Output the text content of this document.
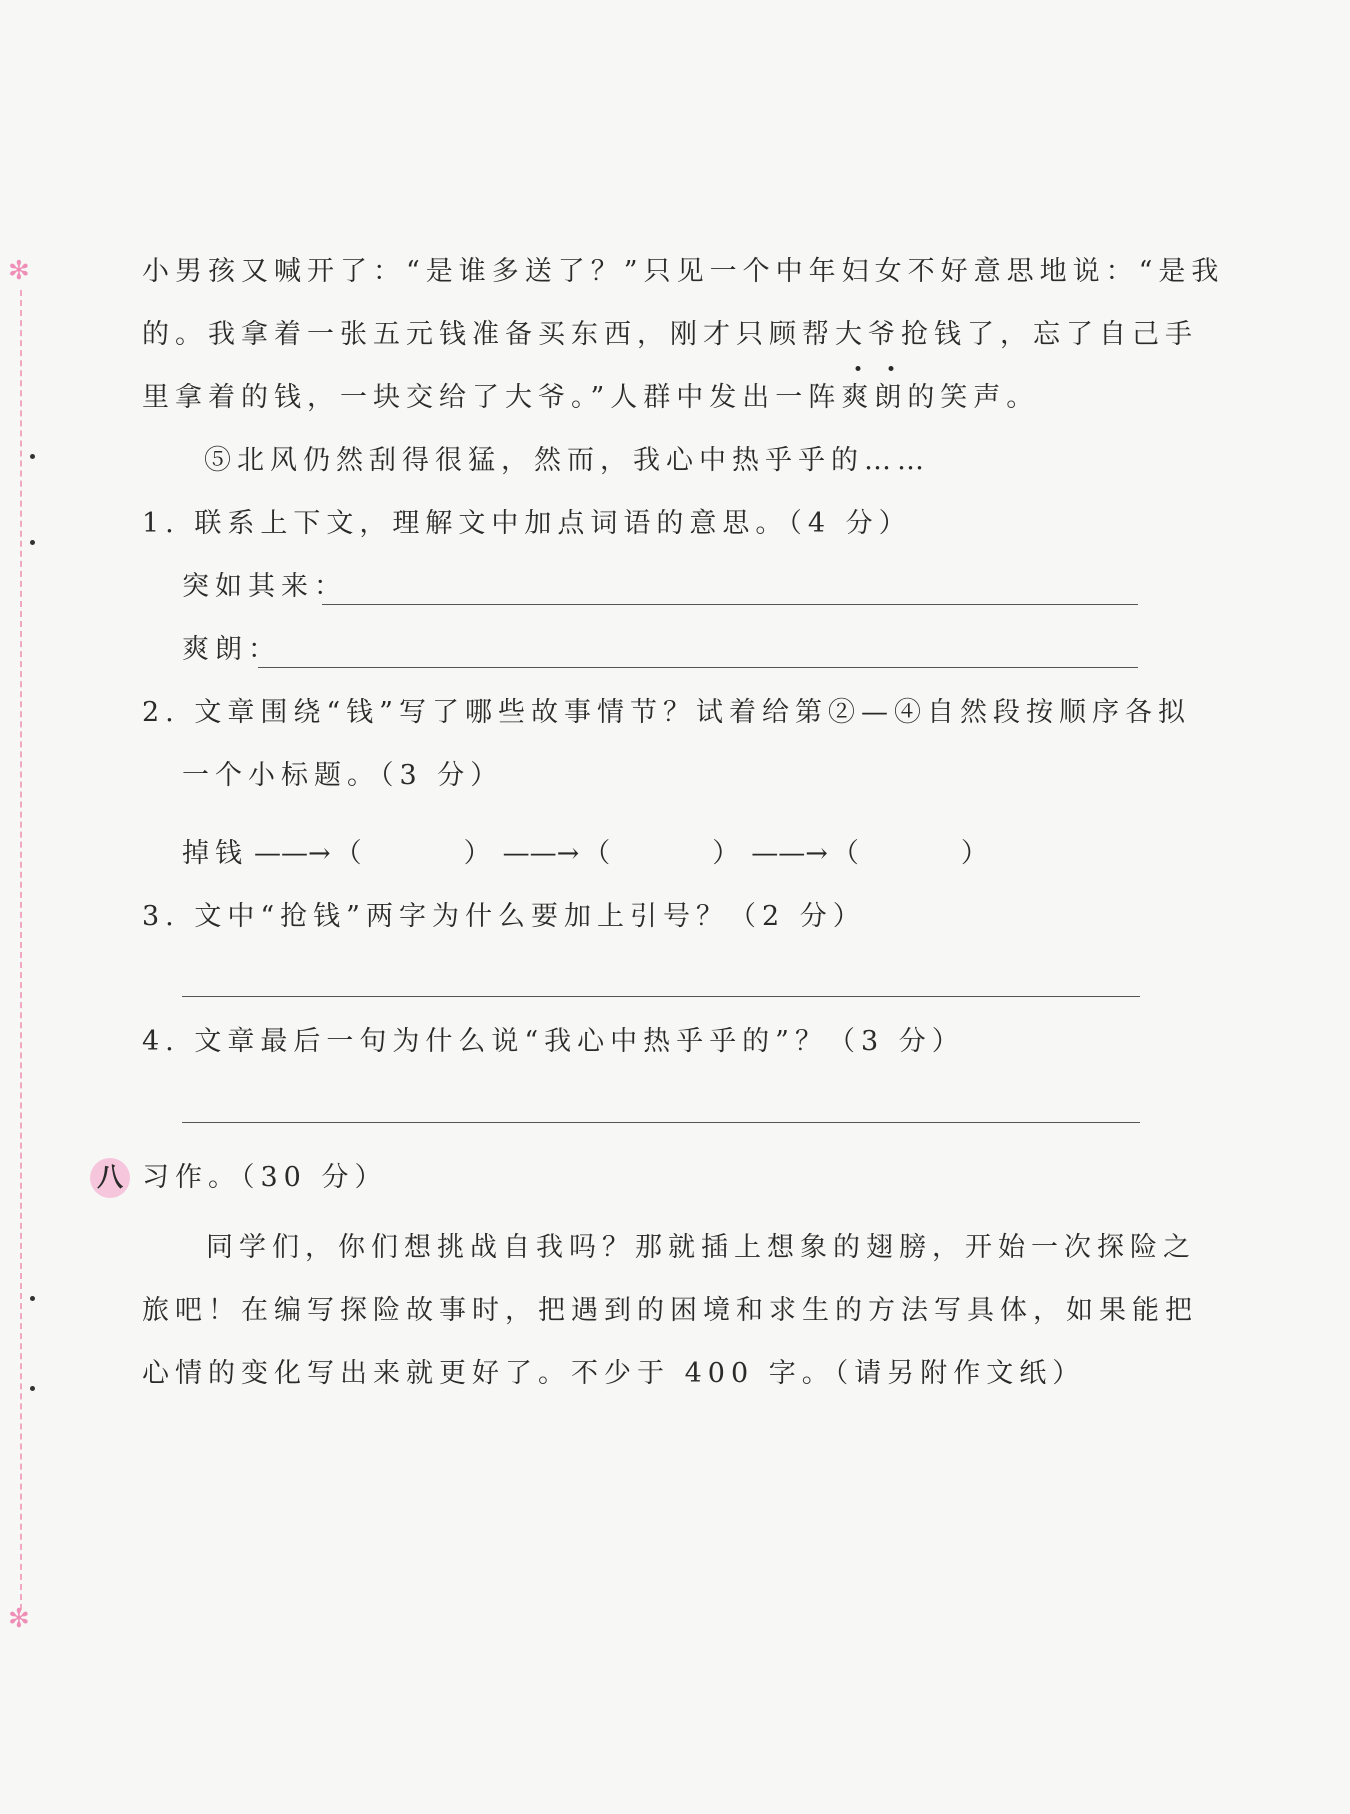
✻
✻
小男孩又喊开了：“是谁多送了？”只见一个中年妇女不好意思地说：“是我
的。我拿着一张五元钱准备买东西，刚才只顾帮大爷抢钱了，忘了自己手
里拿着的钱，一块交给了大爷。”人群中发出一阵爽朗的笑声。
⑤北风仍然刮得很猛，然而，我心中热乎乎的……
1. 联系上下文，理解文中加点词语的意思。（4 分）
突如其来：
爽朗：
2. 文章围绕“钱”写了哪些故事情节？试着给第②—④自然段按顺序各拟
一个小标题。（3 分）
掉钱 ——→ （	） ——→ （	） ——→ （	）
3. 文中“抢钱”两字为什么要加上引号？（2 分）
4. 文章最后一句为什么说“我心中热乎乎的”？（3 分）
八 习作。（30 分）
同学们，你们想挑战自我吗？那就插上想象的翅膀，开始一次探险之
旅吧！在编写探险故事时，把遇到的困境和求生的方法写具体，如果能把
心情的变化写出来就更好了。不少于 400 字。（请另附作文纸）
